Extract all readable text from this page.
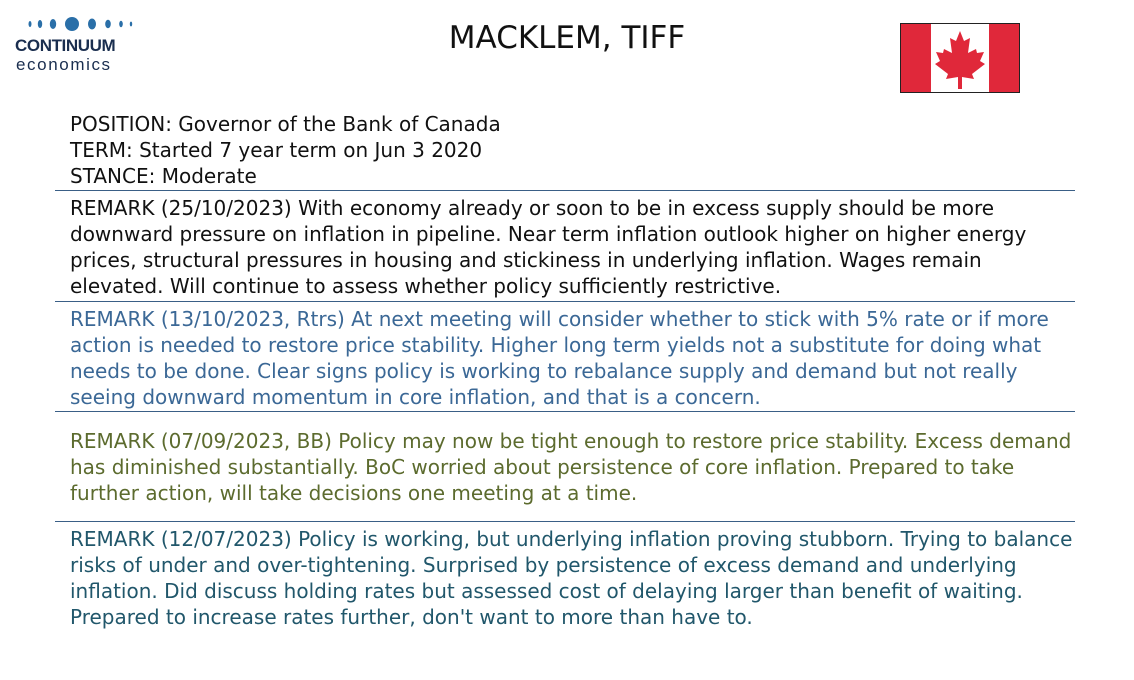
CONTINUUM
economics
MACKLEM, TIFF
POSITION: Governor of the Bank of Canada
TERM: Started 7 year term on Jun 3 2020
STANCE: Moderate
REMARK (25/10/2023) With economy already or soon to be in excess supply should be more downward pressure on inflation in pipeline. Near term inflation outlook higher on higher energy prices, structural pressures in housing and stickiness in underlying inflation. Wages remain elevated. Will continue to assess whether policy sufficiently restrictive.
REMARK (13/10/2023, Rtrs) At next meeting will consider whether to stick with 5% rate or if more action is needed to restore price stability. Higher long term yields not a substitute for doing what needs to be done. Clear signs policy is working to rebalance supply and demand but not really seeing downward momentum in core inflation, and that is a concern.
REMARK (07/09/2023, BB) Policy may now be tight enough to restore price stability. Excess demand has diminished substantially. BoC worried about persistence of core inflation. Prepared to take further action, will take decisions one meeting at a time.
REMARK (12/07/2023) Policy is working, but underlying inflation proving stubborn. Trying to balance risks of under and over-tightening. Surprised by persistence of excess demand and underlying inflation. Did discuss holding rates but assessed cost of delaying larger than benefit of waiting. Prepared to increase rates further, don't want to more than have to.
